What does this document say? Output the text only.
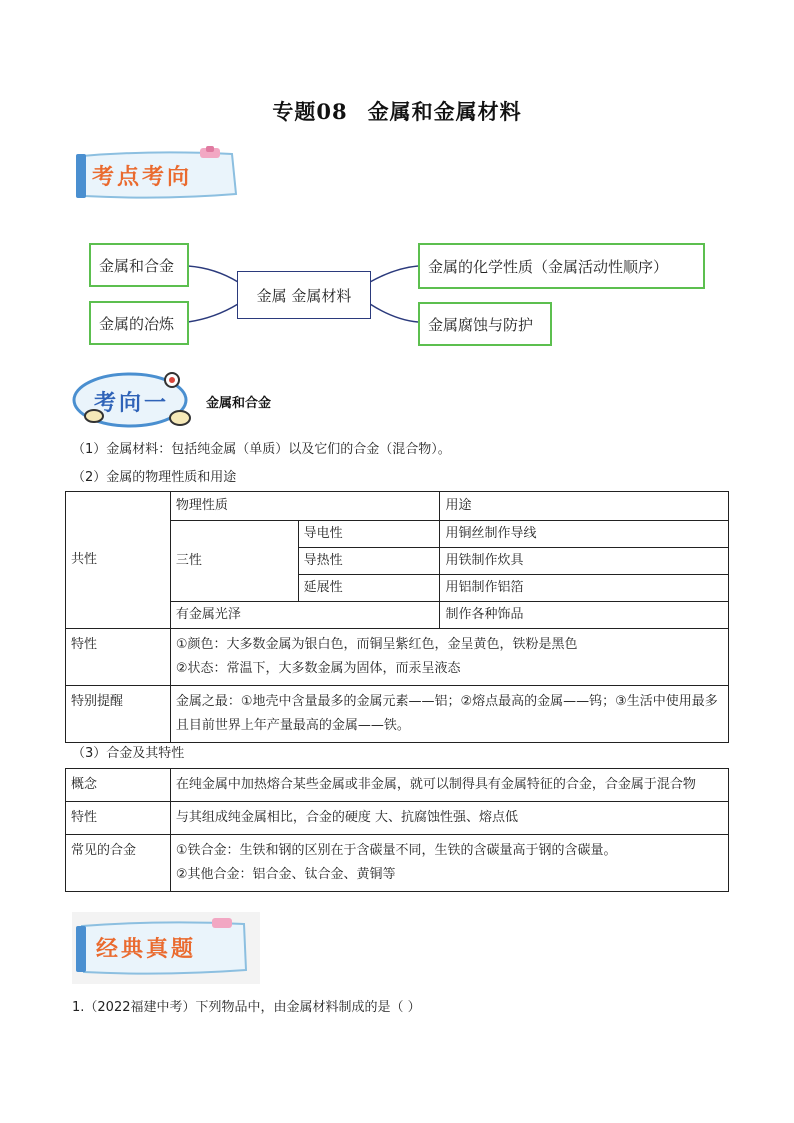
专题08 金属和金属材料
考点考向
金属和合金
金属的冶炼
金属 金属材料
金属的化学性质（金属活动性顺序）
金属腐蚀与防护
考向一	金属和合金
（1）金属材料：包括纯金属（单质）以及它们的合金（混合物）。
（2）金属的物理性质和用途
共性	物理性质		用途
	三性	导电性	用铜丝制作导线
		导热性	用铁制作炊具
		延展性	用铝制作铝箔
	有金属光泽		制作各种饰品
特性	①颜色：大多数金属为银白色，而铜呈紫红色，金呈黄色，铁粉是黑色
②状态：常温下，大多数金属为固体，而汞呈液态		

特别提醒	金属之最：①地壳中含量最多的金属元素——铝；②熔点最高的金属——钨；③生活中使用最多且目前世界上年产量最高的金属——铁。		
（3）合金及其特性
概念	在纯金属中加热熔合某些金属或非金属，就可以制得具有金属特征的合金，合金属于混合物
特性	与其组成纯金属相比，合金的硬度 大、抗腐蚀性强、熔点低
常见的合金	①铁合金：生铁和钢的区别在于含碳量不同，生铁的含碳量高于钢的含碳量。
②其他合金：铝合金、钛合金、黄铜等
经典真题
1.（2022福建中考）下列物品中，由金属材料制成的是（ ）
